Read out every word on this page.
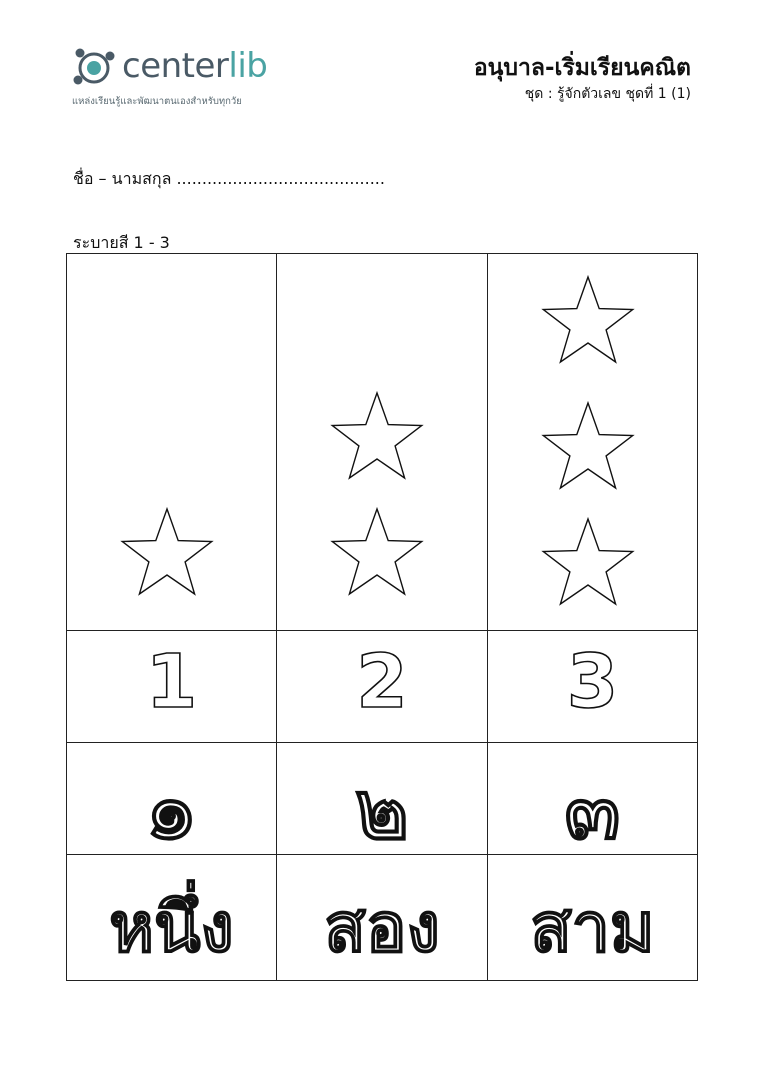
centerlib
แหล่งเรียนรู้และพัฒนาตนเองสำหรับทุกวัย
อนุบาล-เริ่มเรียนคณิต
ชุด : รู้จักตัวเลข ชุดที่ 1 (1)
ชื่อ – นามสกุล .........................................
ระบายสี 1 - 3
1
๑
หนึ่ง
2
๒
สอง
3
๓
สาม
